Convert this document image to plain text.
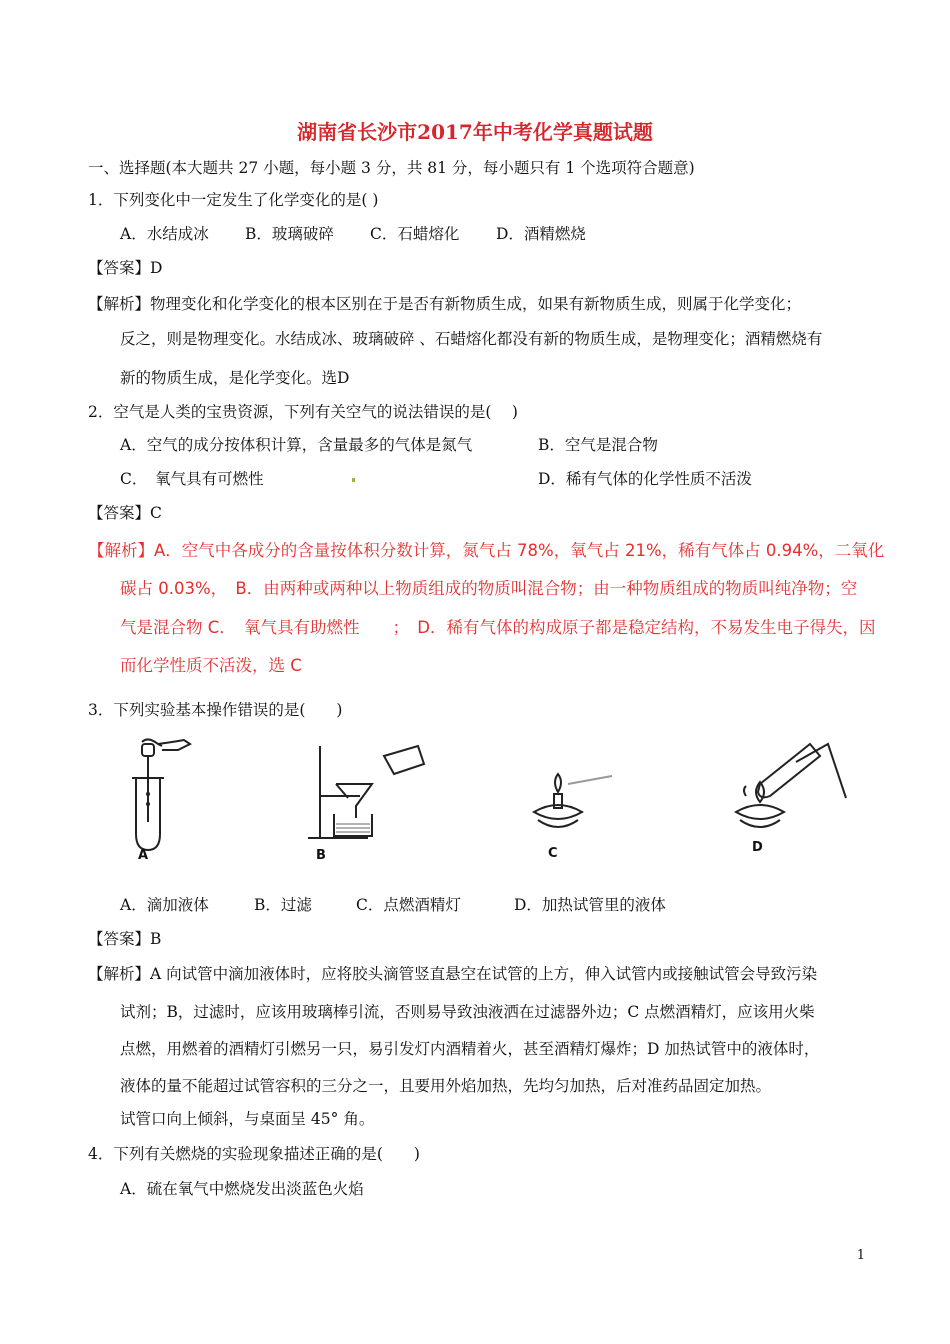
湖南省长沙市2017年中考化学真题试题
一、选择题(本大题共 27 小题，每小题 3 分，共 81 分，每小题只有 1 个选项符合题意)
1．下列变化中一定发生了化学变化的是( )
A．水结成冰 B．玻璃破碎 C．石蜡熔化 D．酒精燃烧
【答案】D
【解析】物理变化和化学变化的根本区别在于是否有新物质生成，如果有新物质生成，则属于化学变化；
反之，则是物理变化。水结成冰、玻璃破碎 、石蜡熔化都没有新的物质生成，是物理变化；酒精燃烧有
新的物质生成，是化学变化。选D
2．空气是人类的宝贵资源，下列有关空气的说法错误的是(　 )
A．空气的成分按体积计算，含量最多的气体是氮气	B．空气是混合物
C．　氧气具有可燃性	D．稀有气体的化学性质不活泼
【答案】C
【解析】A．空气中各成分的含量按体积分数计算，氮气占 78%，氧气占 21%，稀有气体占 0.94%，二氧化
碳占 0.03%，　B．由两种或两种以上物质组成的物质叫混合物；由一种物质组成的物质叫纯净物；空
气是混合物 C．　氧气具有助燃性　　；　D．稀有气体的构成原子都是稳定结构，不易发生电子得失，因
而化学性质不活泼，选 C
3．下列实验基本操作错误的是(　　)
A	B	C	D
A．滴加液体	B．过滤	C．点燃酒精灯	D．加热试管里的液体
【答案】B
【解析】A 向试管中滴加液体时，应将胶头滴管竖直悬空在试管的上方，伸入试管内或接触试管会导致污染
试剂；B，过滤时，应该用玻璃棒引流，否则易导致浊液洒在过滤器外边；C 点燃酒精灯，应该用火柴
点燃，用燃着的酒精灯引燃另一只，易引发灯内酒精着火，甚至酒精灯爆炸；D 加热试管中的液体时，
液体的量不能超过试管容积的三分之一，且要用外焰加热，先均匀加热，后对准药品固定加热。
试管口向上倾斜，与桌面呈 45° 角。
4．下列有关燃烧的实验现象描述正确的是(　　)
A．硫在氧气中燃烧发出淡蓝色火焰
1
